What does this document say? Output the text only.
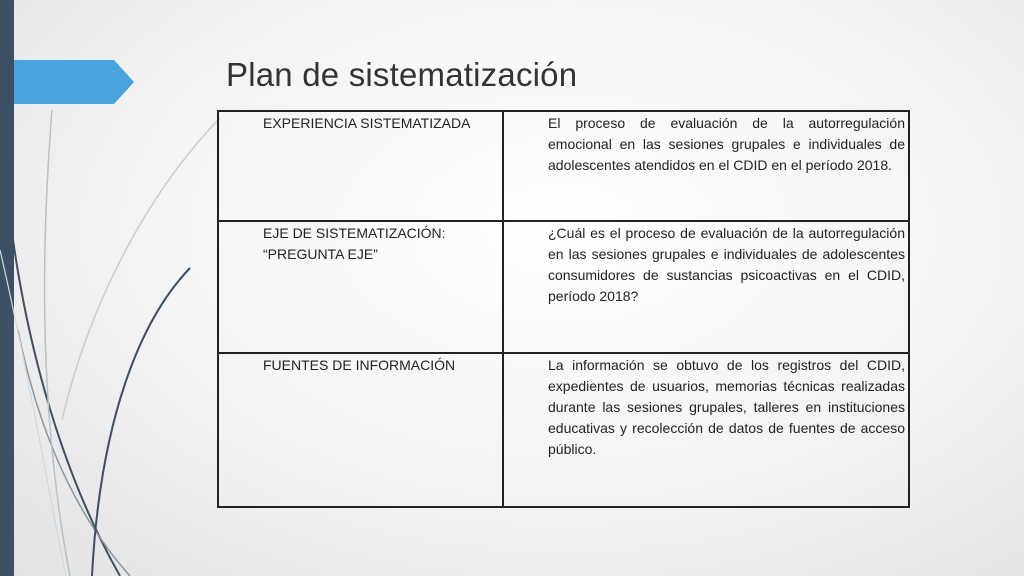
Plan de sistematización
EXPERIENCIA SISTEMATIZADA	El proceso de evaluación de la autorregulación emocional en las sesiones grupales e individuales de adolescentes atendidos en el CDID en el período 2018.
EJE DE SISTEMATIZACIÓN: “PREGUNTA EJE”	¿Cuál es el proceso de evaluación de la autorregulación en las sesiones grupales e individuales de adolescentes consumidores de sustancias psicoactivas en el CDID, período 2018?
FUENTES DE INFORMACIÓN	La información se obtuvo de los registros del CDID, expedientes de usuarios, memorias técnicas realizadas durante las sesiones grupales, talleres en instituciones educativas y recolección de datos de fuentes de acceso público.
